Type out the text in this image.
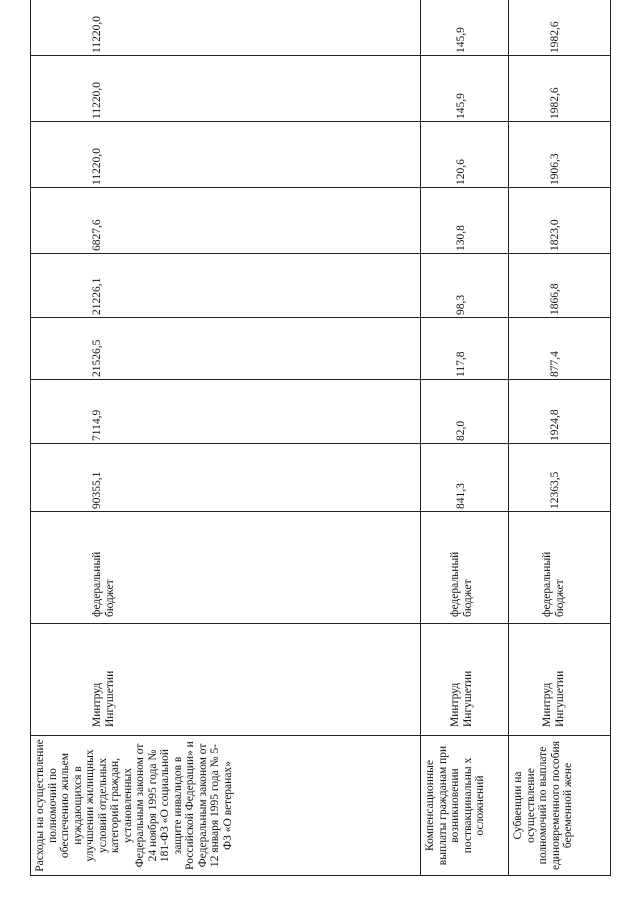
Расходы на осуществление полномочий по обеспечению жильем нуждающихся в улучшении жилищных условий отдельных категорий граждан, установленных Федеральным законом от 24 ноября 1995 года № 181-ФЗ «О социальной защите инвалидов в Российской Федерации» и Федеральным законом от 12 января 1995 года № 5-ФЗ «О ветеранах»	Минтруд Ингушетии	федеральный бюджет	90355,1	7114,9	21526,5	21226,1	6827,6	11220,0	11220,0	11220,0
Компенсационные выплаты гражданам при возникновении поствакцинальны х осложнений	Минтруд Ингушетии	федеральный бюджет	841,3	82,0	117,8	98,3	130,8	120,6	145,9	145,9
Субвенции на осуществление полномочий по выплате единовременного пособия беременной жене	Минтруд Ингушетии	федеральный бюджет	12363,5	1924,8	877,4	1866,8	1823,0	1906,3	1982,6	1982,6
